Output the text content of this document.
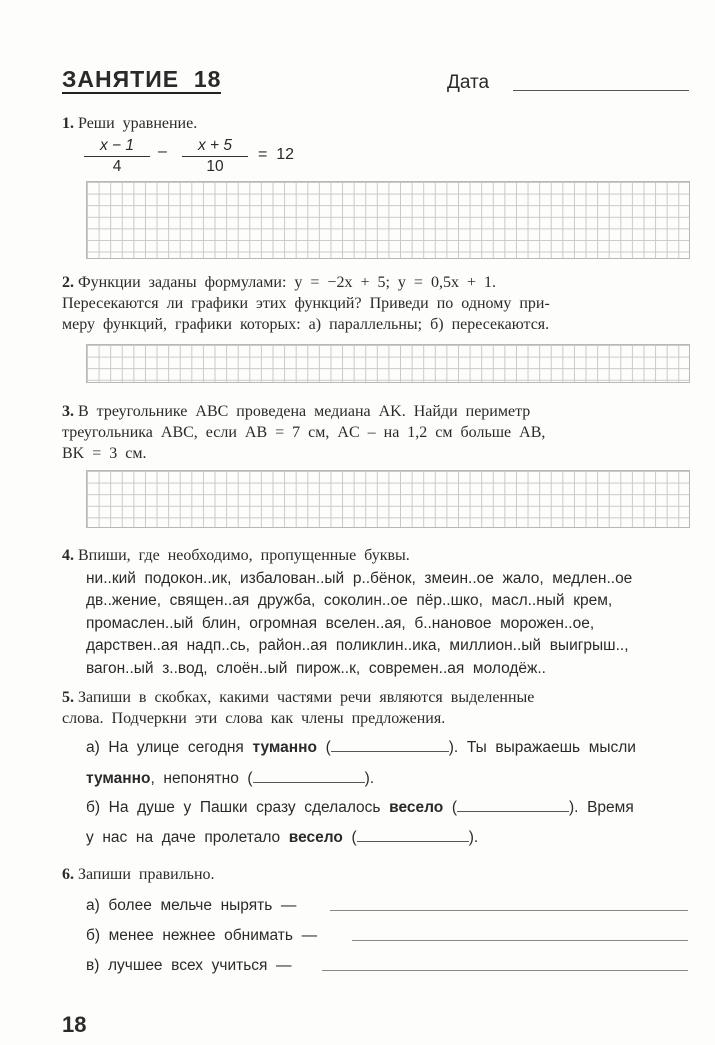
ЗАНЯТИЕ  18	Дата
1. Реши  уравнение.
x − 1
4
–	x + 5
10
=  12
2. Функции  заданы  формулами:  y  =  −2x  +  5;  y  =  0,5x  +  1.
Пересекаются  ли  графики  этих  функций?  Приведи  по  одному  при-
меру  функций,  графики  которых:  а)  параллельны;  б)  пересекаются.
3. В  треугольнике  ABC  проведена  медиана  AK.  Найди  периметр
треугольника  ABC,  если  AB  =  7  см,  AC  –  на  1,2  см  больше  AB,
BK  =  3  см.
4. Впиши,  где  необходимо,  пропущенные  буквы.
ни..кий  подокон..ик,  избалован..ый  р..бёнок,  змеин..ое  жало,  медлен..ое
дв..жение,  священ..ая  дружба,  соколин..ое  пёр..шко,  масл..ный  крем,
промаслен..ый  блин,  огромная  вселен..ая,  б..нановое  морожен..ое,
дарствен..ая  надп..сь,  район..ая  поликлин..ика,  миллион..ый  выигрыш..,
вагон..ый  з..вод,  слоён..ый  пирож..к,  современ..ая  молодёж..
5. Запиши  в  скобках,  какими  частями  речи  являются  выделенные
слова.  Подчеркни  эти  слова  как  члены  предложения.
а)  На  улице  сегодня туманно (	).  Ты  выражаешь  мысли
туманно,  непонятно  (	).
б)  На  душе  у  Пашки  сразу  сделалось весело (	).  Время
у  нас  на  даче  пролетало весело (	).
6. Запиши  правильно.
а)  более  мельче  нырять  —
б)  менее  нежнее  обнимать  —
в)  лучшее  всех  учиться  —
18
